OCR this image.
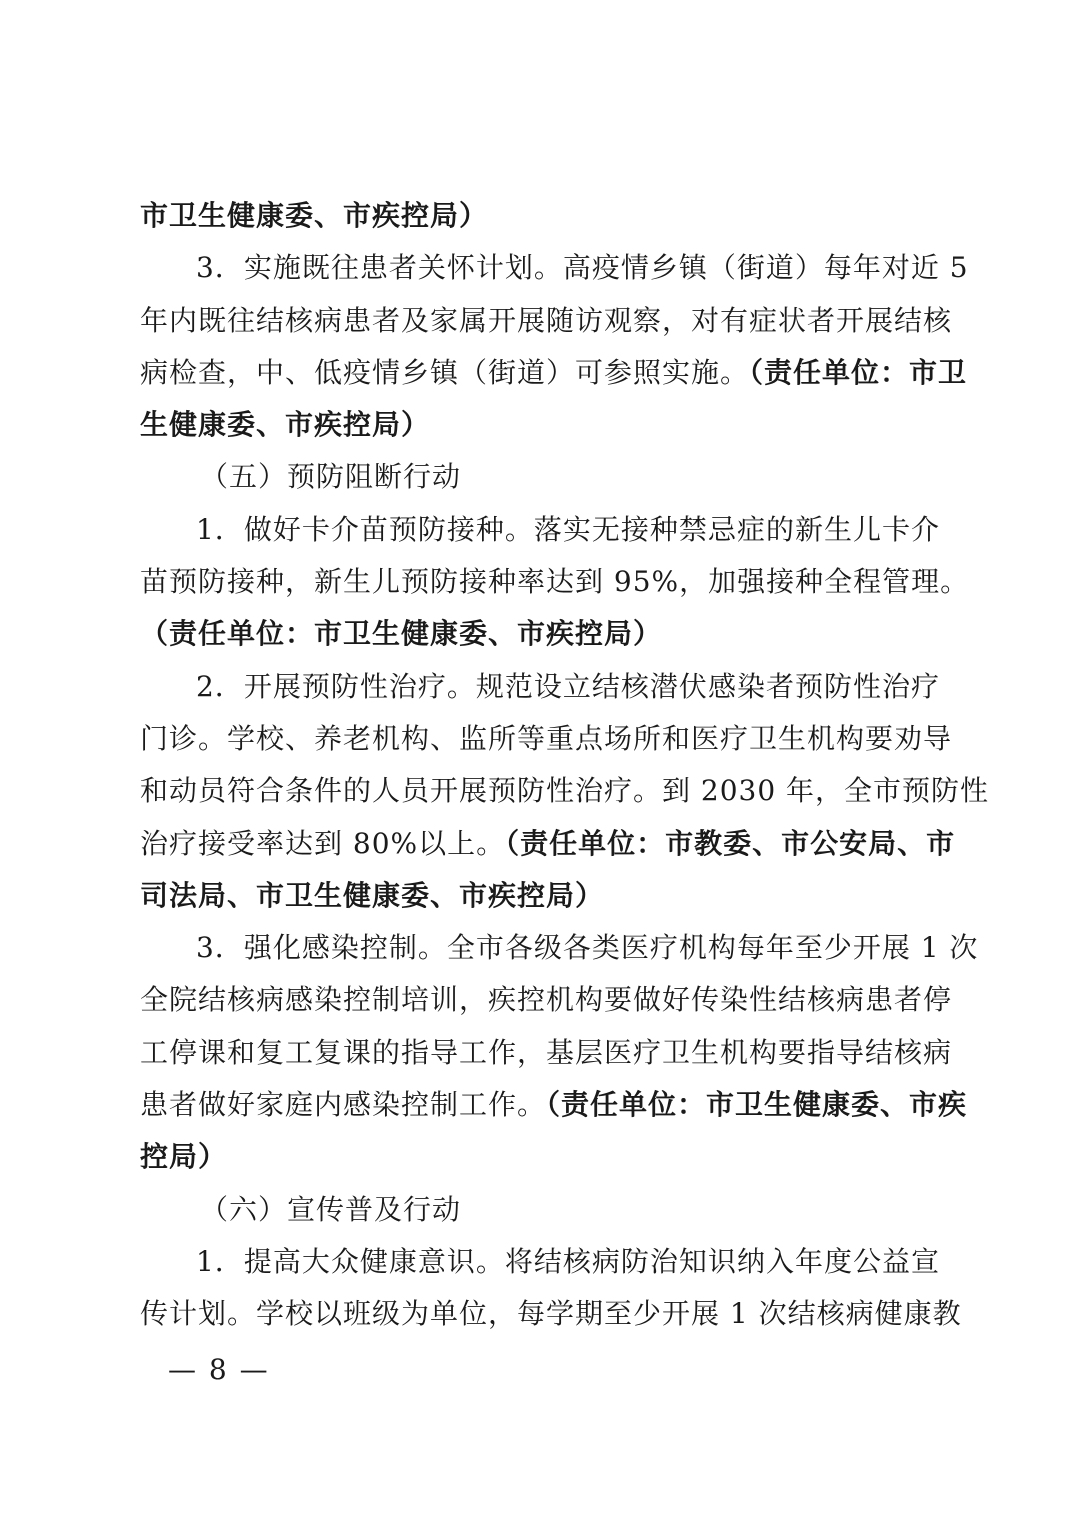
市卫生健康委、市疾控局）
3．实施既往患者关怀计划。高疫情乡镇（街道）每年对近 5
年内既往结核病患者及家属开展随访观察，对有症状者开展结核
病检查，中、低疫情乡镇（街道）可参照实施。（责任单位：市卫
生健康委、市疾控局）
（五）预防阻断行动
1．做好卡介苗预防接种。落实无接种禁忌症的新生儿卡介
苗预防接种，新生儿预防接种率达到 95%，加强接种全程管理。
（责任单位：市卫生健康委、市疾控局）
2．开展预防性治疗。规范设立结核潜伏感染者预防性治疗
门诊。学校、养老机构、监所等重点场所和医疗卫生机构要劝导
和动员符合条件的人员开展预防性治疗。到 2030 年，全市预防性
治疗接受率达到 80%以上。（责任单位：市教委、市公安局、市
司法局、市卫生健康委、市疾控局）
3．强化感染控制。全市各级各类医疗机构每年至少开展 1 次
全院结核病感染控制培训，疾控机构要做好传染性结核病患者停
工停课和复工复课的指导工作，基层医疗卫生机构要指导结核病
患者做好家庭内感染控制工作。（责任单位：市卫生健康委、市疾
控局）
（六）宣传普及行动
1．提高大众健康意识。将结核病防治知识纳入年度公益宣
传计划。学校以班级为单位，每学期至少开展 1 次结核病健康教
— 8 —
